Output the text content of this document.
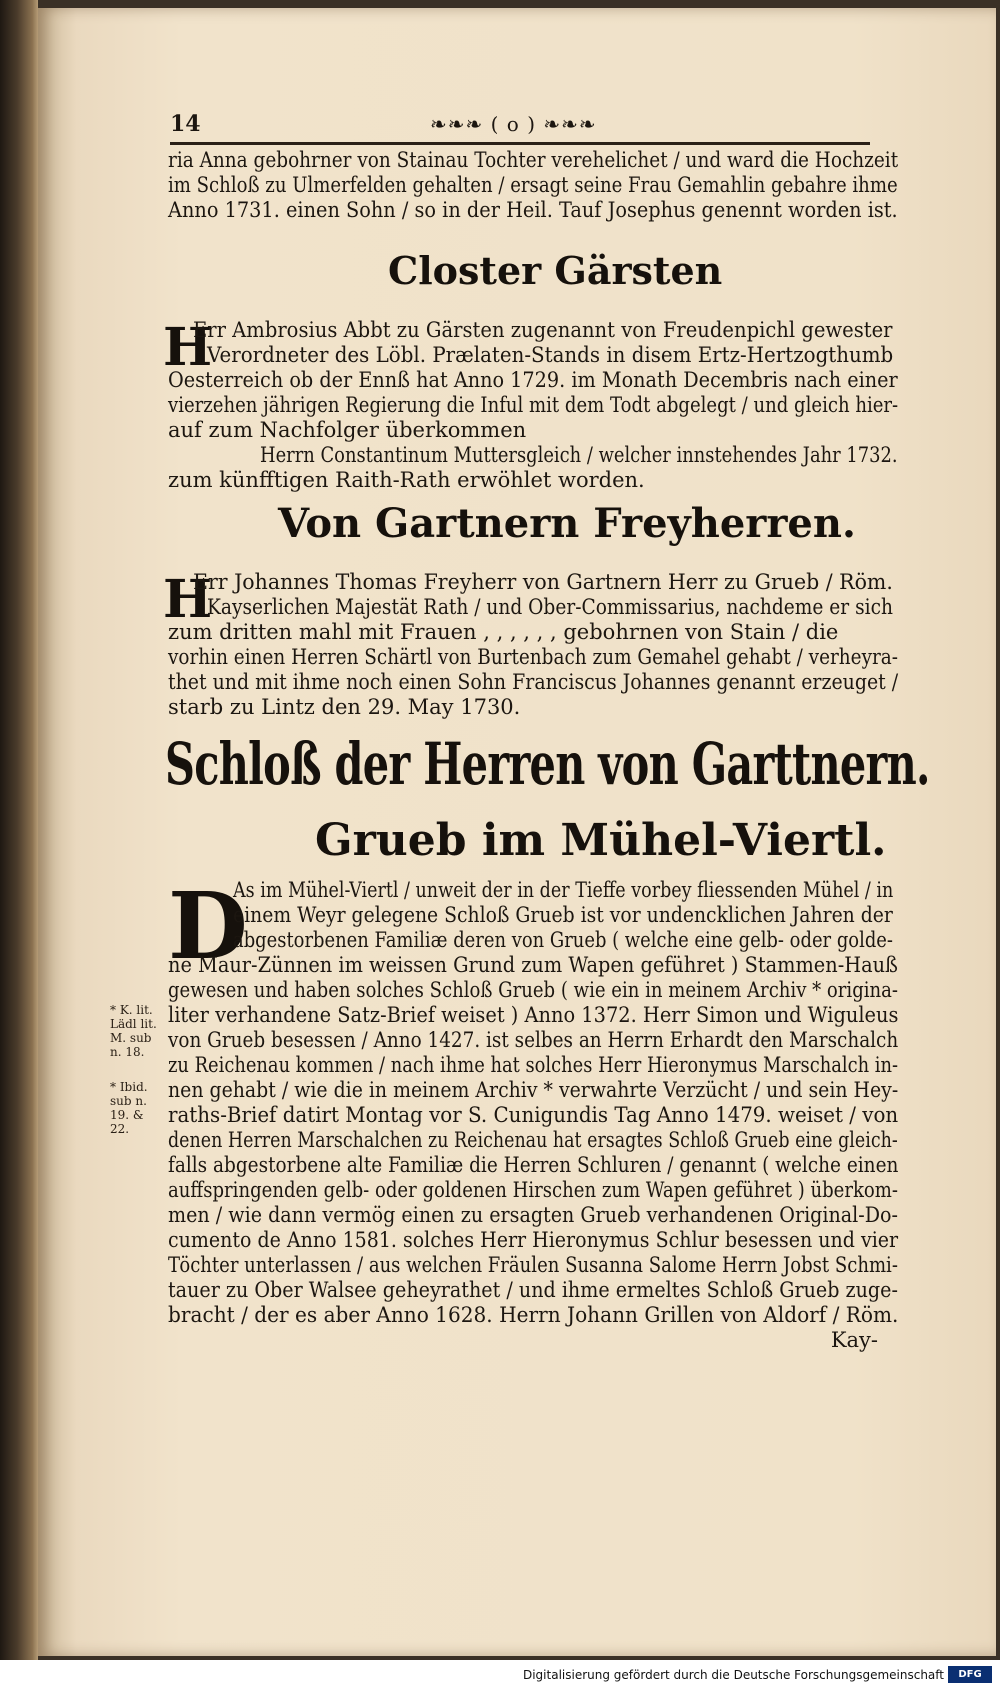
14	❧❧❧ ( o ) ❧❧❧
ria Anna gebohrner von Stainau Tochter verehelichet / und ward die Hochzeit
im Schloß zu Ulmerfelden gehalten / ersagt seine Frau Gemahlin gebahre ihme
Anno 1731. einen Sohn / so in der Heil. Tauf Josephus genennt worden ist.
Closter Gärsten
H
Err Ambrosius Abbt zu Gärsten zugenannt von Freudenpichl gewester
Verordneter des Löbl. Prælaten-Stands in disem Ertz-Hertzogthumb
Oesterreich ob der Ennß hat Anno 1729. im Monath Decembris nach einer
vierzehen jährigen Regierung die Inful mit dem Todt abgelegt / und gleich hier-
auf zum Nachfolger überkommen
Herrn Constantinum Muttersgleich / welcher innstehendes Jahr 1732.
zum künfftigen Raith-Rath erwöhlet worden.
Von Gartnern Freyherren.
H
Err Johannes Thomas Freyherr von Gartnern Herr zu Grueb / Röm.
Kayserlichen Majestät Rath / und Ober-Commissarius, nachdeme er sich
zum dritten mahl mit Frauen , , , , , , gebohrnen von Stain / die
vorhin einen Herren Schärtl von Burtenbach zum Gemahel gehabt / verheyra-
thet und mit ihme noch einen Sohn Franciscus Johannes genannt erzeuget /
starb zu Lintz den 29. May 1730.
Schloß der Herren von Garttnern.
Grueb im Mühel-Viertl.
D
As im Mühel-Viertl / unweit der in der Tieffe vorbey fliessenden Mühel / in
einem Weyr gelegene Schloß Grueb ist vor undencklichen Jahren der
abgestorbenen Familiæ deren von Grueb ( welche eine gelb- oder golde-
ne Maur-Zünnen im weissen Grund zum Wapen geführet ) Stammen-Hauß
gewesen und haben solches Schloß Grueb ( wie ein in meinem Archiv * origina-
liter verhandene Satz-Brief weiset ) Anno 1372. Herr Simon und Wiguleus
von Grueb besessen / Anno 1427. ist selbes an Herrn Erhardt den Marschalch
zu Reichenau kommen / nach ihme hat solches Herr Hieronymus Marschalch in-
nen gehabt / wie die in meinem Archiv * verwahrte Verzücht / und sein Hey-
raths-Brief datirt Montag vor S. Cunigundis Tag Anno 1479. weiset / von
denen Herren Marschalchen zu Reichenau hat ersagtes Schloß Grueb eine gleich-
falls abgestorbene alte Familiæ die Herren Schluren / genannt ( welche einen
auffspringenden gelb- oder goldenen Hirschen zum Wapen geführet ) überkom-
men / wie dann vermög einen zu ersagten Grueb verhandenen Original-Do-
cumento de Anno 1581. solches Herr Hieronymus Schlur besessen und vier
Töchter unterlassen / aus welchen Fräulen Susanna Salome Herrn Jobst Schmi-
tauer zu Ober Walsee geheyrathet / und ihme ermeltes Schloß Grueb zuge-
bracht / der es aber Anno 1628. Herrn Johann Grillen von Aldorf / Röm.
Kay-
* K. lit. Lädl lit. M. sub n. 18.
* Ibid. sub n. 19. & 22.
Digitalisierung gefördert durch die Deutsche Forschungsgemeinschaft	DFG
